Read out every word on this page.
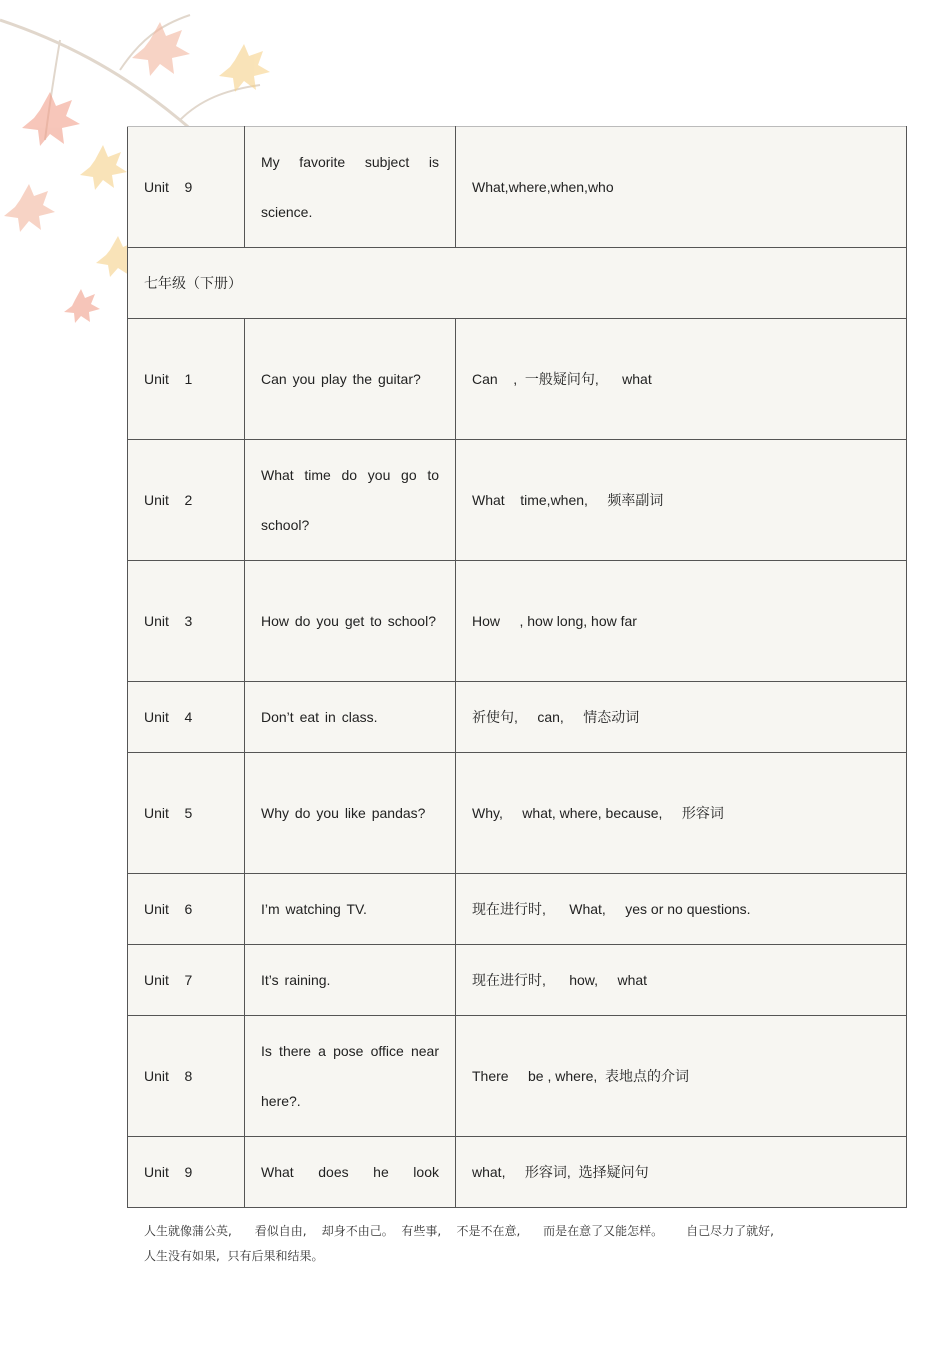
Unit    9	My favorite subject is science.	What,where,when,who
七年级（下册）		
Unit    1	Can you play the guitar?	Can    ,  一般疑问句,      what
Unit    2	What time do you go to school?	What    time,when,     频率副词
Unit    3	How do you get to school?	How     , how long, how far
Unit    4	Don’t eat in class.	祈使句,     can,     情态动词
Unit    5	Why do you like pandas?	Why,     what, where, because,     形容词
Unit    6	I’m watching TV.	现在进行时,      What,     yes or no questions.
Unit    7	It’s raining.	现在进行时,      how,     what
Unit    8	Is there a pose office near here?.	There     be , where,  表地点的介词
Unit    9	What does he look	what,     形容词,  选择疑问句
人生就像蒲公英,      看似自由,    却身不由己。  有些事,    不是不在意,      而是在意了又能怎样。      自己尽力了就好,
人生没有如果,  只有后果和结果。
